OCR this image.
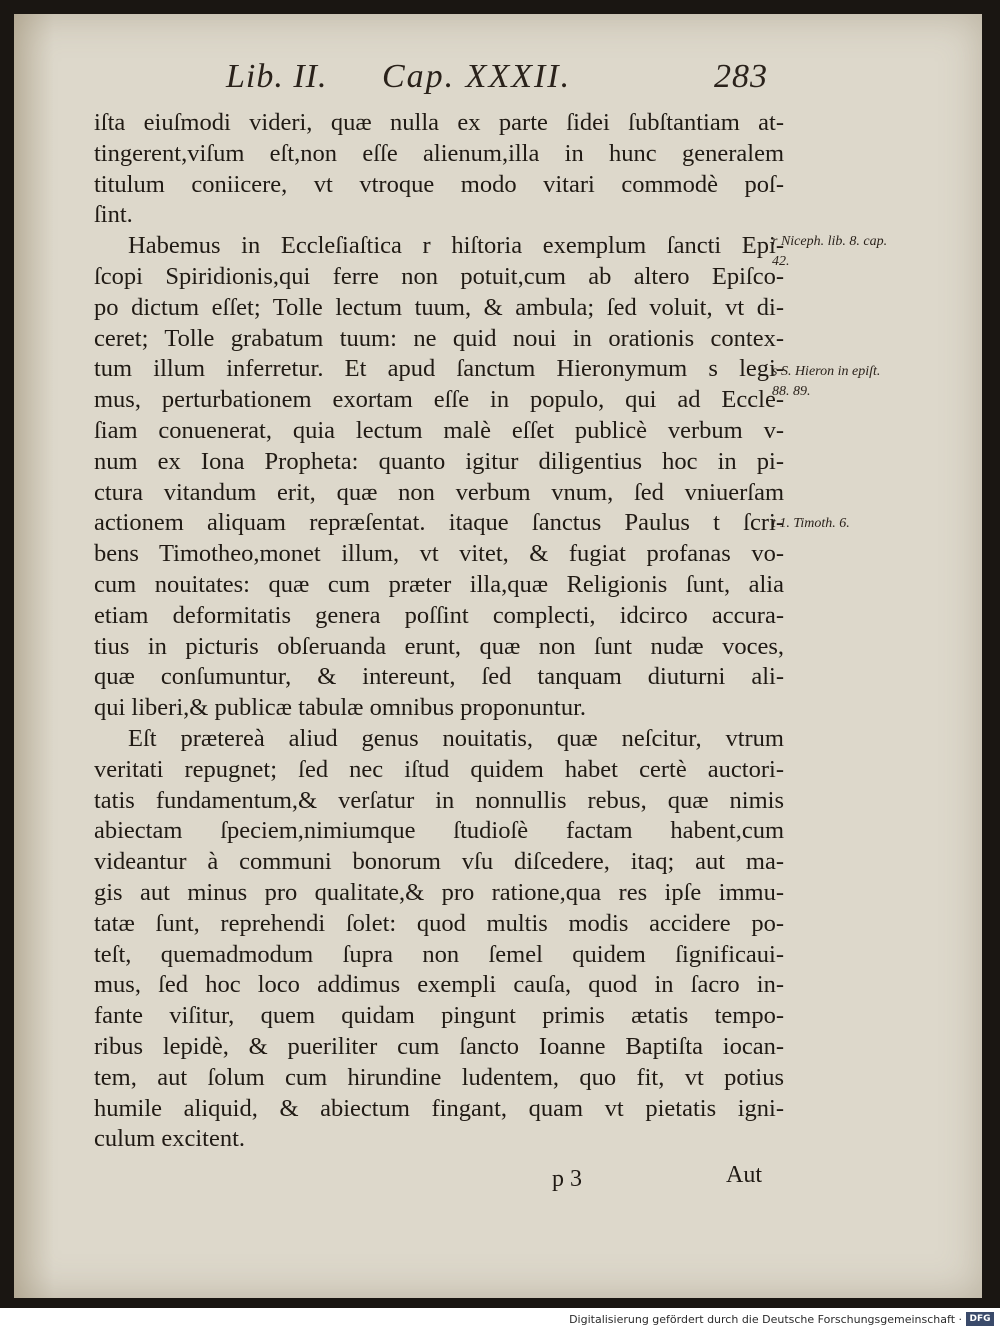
Lib. II. Cap. XXXII.	283
iſta eiuſmodi videri, quæ nulla ex parte ſidei ſubſtantiam at-
tingerent,viſum eſt,non eſſe alienum,illa in hunc generalem
titulum coniicere, vt vtroque modo vitari commodè poſ-
ſint.
Habemus in Eccleſiaſtica r hiſtoria exemplum ſancti Epi-
ſcopi Spiridionis,qui ferre non potuit,cum ab altero Epiſco-
po dictum eſſet; Tolle lectum tuum, & ambula; ſed voluit, vt di-
ceret; Tolle grabatum tuum: ne quid noui in orationis contex-
tum illum inferretur. Et apud ſanctum Hieronymum s legi-
mus, perturbationem exortam eſſe in populo, qui ad Eccle-
ſiam conuenerat, quia lectum malè eſſet publicè verbum v-
num ex Iona Propheta: quanto igitur diligentius hoc in pi-
ctura vitandum erit, quæ non verbum vnum, ſed vniuerſam
actionem aliquam repræſentat. itaque ſanctus Paulus t ſcri-
bens Timotheo,monet illum, vt vitet, & fugiat profanas vo-
cum nouitates: quæ cum præter illa,quæ Religionis ſunt, alia
etiam deformitatis genera poſſint complecti, idcirco accura-
tius in picturis obſeruanda erunt, quæ non ſunt nudæ voces,
quæ conſumuntur, & intereunt, ſed tanquam diuturni ali-
qui liberi,& publicæ tabulæ omnibus proponuntur.
Eſt prætereà aliud genus nouitatis, quæ neſcitur, vtrum
veritati repugnet; ſed nec iſtud quidem habet certè auctori-
tatis fundamentum,& verſatur in nonnullis rebus, quæ nimis
abiectam ſpeciem,nimiumque ſtudioſè factam habent,cum
videantur à communi bonorum vſu diſcedere, itaq; aut ma-
gis aut minus pro qualitate,& pro ratione,qua res ipſe immu-
tatæ ſunt, reprehendi ſolet: quod multis modis accidere po-
teſt, quemadmodum ſupra non ſemel quidem ſignificaui-
mus, ſed hoc loco addimus exempli cauſa, quod in ſacro in-
fante viſitur, quem quidam pingunt primis ætatis tempo-
ribus lepidè, & pueriliter cum ſancto Ioanne Baptiſta iocan-
tem, aut ſolum cum hirundine ludentem, quo fit, vt potius
humile aliquid, & abiectum fingant, quam vt pietatis igni-
culum excitent.
r Niceph. lib. 8. cap. 42.
s S. Hieron in epiſt. 88. 89.
t 1. Timoth. 6.
p 3	Aut
Digitalisierung gefördert durch die Deutsche Forschungsgemeinschaft · DFG
